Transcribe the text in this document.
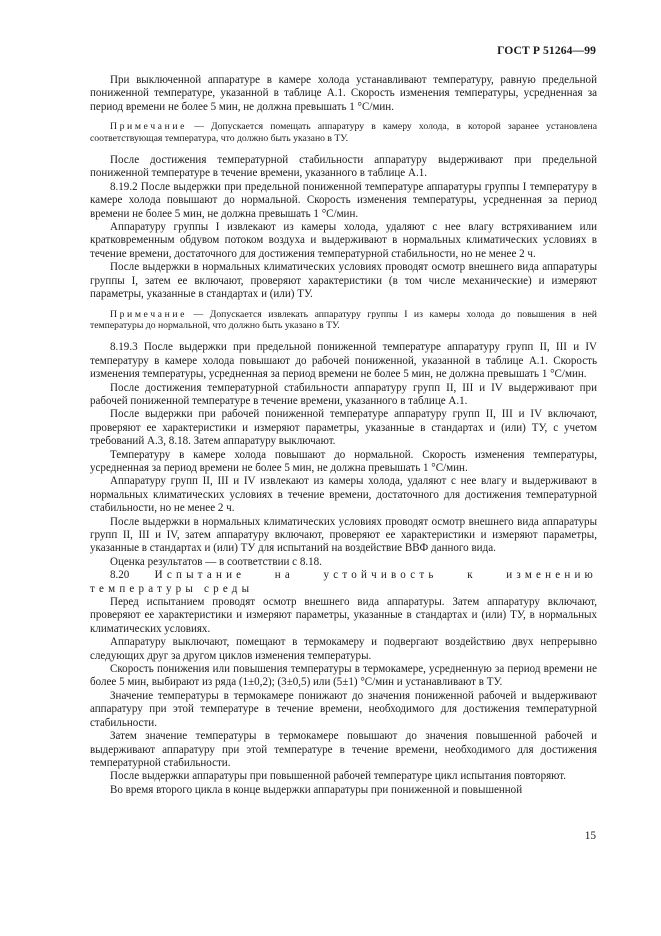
ГОСТ Р 51264—99

При выключенной аппаратуре в камере холода устанавливают температуру, равную предельной пониженной температуре, указанной в таблице А.1. Скорость изменения температуры, усредненная за период времени не более 5 мин, не должна превышать 1 °С/мин.

Примечание — Допускается помещать аппаратуру в камеру холода, в которой заранее установлена соответствующая температура, что должно быть указано в ТУ.

После достижения температурной стабильности аппаратуру выдерживают при предельной пониженной температуре в течение времени, указанного в таблице А.1.

8.19.2 После выдержки при предельной пониженной температуре аппаратуры группы I температуру в камере холода повышают до нормальной. Скорость изменения температуры, усредненная за период времени не более 5 мин, не должна превышать 1 °С/мин.

Аппаратуру группы I извлекают из камеры холода, удаляют с нее влагу встряхиванием или кратковременным обдувом потоком воздуха и выдерживают в нормальных климатических условиях в течение времени, достаточного для достижения температурной стабильности, но не менее 2 ч.

После выдержки в нормальных климатических условиях проводят осмотр внешнего вида аппаратуры группы I, затем ее включают, проверяют характеристики (в том числе механические) и измеряют параметры, указанные в стандартах и (или) ТУ.

Примечание — Допускается извлекать аппаратуру группы I из камеры холода до повышения в ней температуры до нормальной, что должно быть указано в ТУ.

8.19.3 После выдержки при предельной пониженной температуре аппаратуру групп II, III и IV температуру в камере холода повышают до рабочей пониженной, указанной в таблице А.1. Скорость изменения температуры, усредненная за период времени не более 5 мин, не должна превышать 1 °С/мин.

После достижения температурной стабильности аппаратуру групп II, III и IV выдерживают при рабочей пониженной температуре в течение времени, указанного в таблице А.1.

После выдержки при рабочей пониженной температуре аппаратуру групп II, III и IV включают, проверяют ее характеристики и измеряют параметры, указанные в стандартах и (или) ТУ, с учетом требований А.3, 8.18. Затем аппаратуру выключают.

Температуру в камере холода повышают до нормальной. Скорость изменения температуры, усредненная за период времени не более 5 мин, не должна превышать 1 °С/мин.

Аппаратуру групп II, III и IV извлекают из камеры холода, удаляют с нее влагу и выдерживают в нормальных климатических условиях в течение времени, достаточного для достижения температурной стабильности, но не менее 2 ч.

После выдержки в нормальных климатических условиях проводят осмотр внешнего вида аппаратуры групп II, III и IV, затем аппаратуру включают, проверяют ее характеристики и измеряют параметры, указанные в стандартах и (или) ТУ для испытаний на воздействие ВВФ данного вида.

Оценка результатов — в соответствии с 8.18.

8.20 Испытание на устойчивость к изменению температуры среды

Перед испытанием проводят осмотр внешнего вида аппаратуры. Затем аппаратуру включают, проверяют ее характеристики и измеряют параметры, указанные в стандартах и (или) ТУ, в нормальных климатических условиях.

Аппаратуру выключают, помещают в термокамеру и подвергают воздействию двух непрерывно следующих друг за другом циклов изменения температуры.

Скорость понижения или повышения температуры в термокамере, усредненную за период времени не более 5 мин, выбирают из ряда (1±0,2); (3±0,5) или (5±1) °С/мин и устанавливают в ТУ.

Значение температуры в термокамере понижают до значения пониженной рабочей и выдерживают аппаратуру при этой температуре в течение времени, необходимого для достижения температурной стабильности.

Затем значение температуры в термокамере повышают до значения повышенной рабочей и выдерживают аппаратуру при этой температуре в течение времени, необходимого для достижения температурной стабильности.

После выдержки аппаратуры при повышенной рабочей температуре цикл испытания повторяют.

Во время второго цикла в конце выдержки аппаратуры при пониженной и повышенной

15
